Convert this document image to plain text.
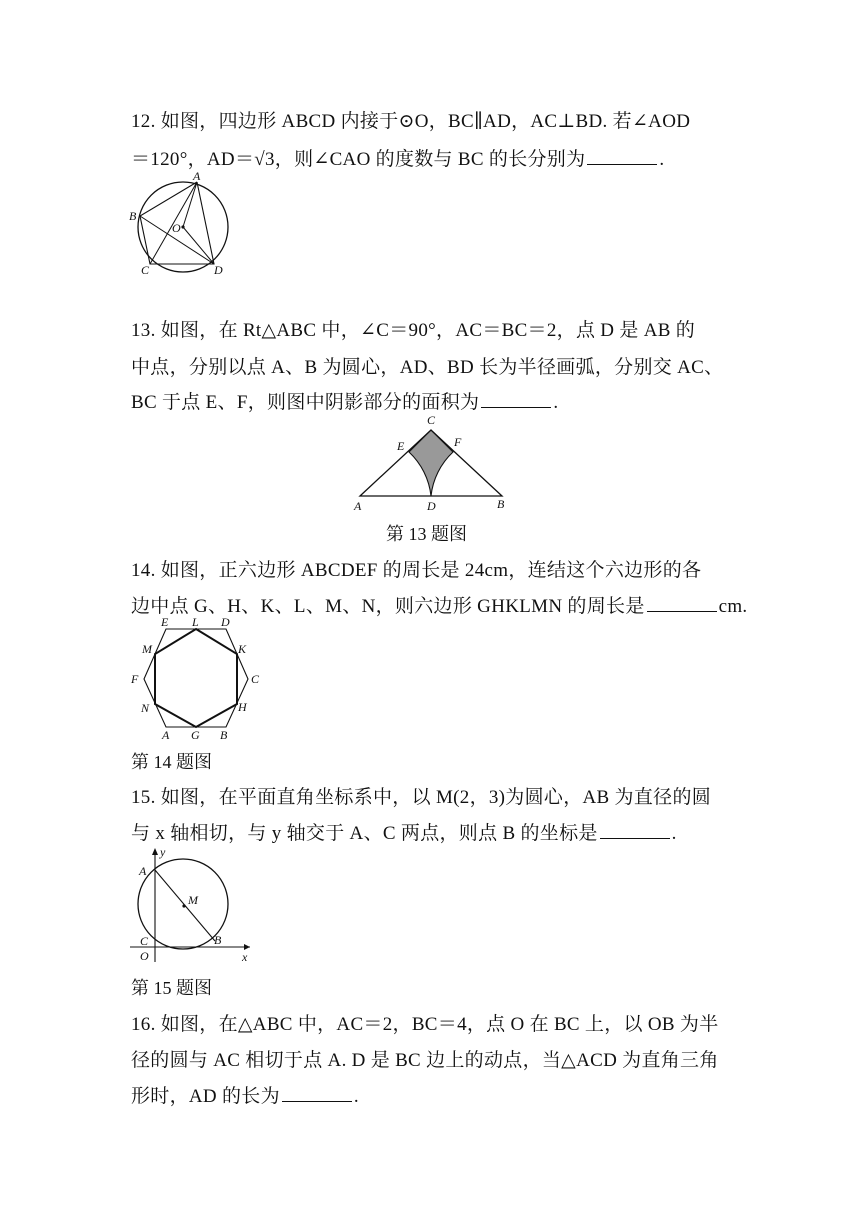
12. 如图，四边形 ABCD 内接于⊙O，BC∥AD，AC⊥BD. 若∠AOD
＝120°，AD＝√3，则∠CAO 的度数与 BC 的长分别为	.
A
B
O
C	D
13. 如图，在 Rt△ABC 中，∠C＝90°，AC＝BC＝2，点 D 是 AB 的
中点，分别以点 A、B 为圆心，AD、BD 长为半径画弧，分别交 AC、
BC 于点 E、F，则图中阴影部分的面积为	.
C
E	F
A	D	B
第 13 题图
14. 如图，正六边形 ABCDEF 的周长是 24cm，连结这个六边形的各
边中点 G、H、K、L、M、N，则六边形 GHKLMN 的周长是	cm.
E L D
M	K
F	C
N	H
A G B
第 14 题图
15. 如图，在平面直角坐标系中，以 M(2，3)为圆心，AB 为直径的圆
与 x 轴相切，与 y 轴交于 A、C 两点，则点 B 的坐标是	.
y
A
M
C
O
B
x
第 15 题图
16. 如图，在△ABC 中，AC＝2，BC＝4，点 O 在 BC 上，以 OB 为半
径的圆与 AC 相切于点 A. D 是 BC 边上的动点，当△ACD 为直角三角
形时，AD 的长为	.
